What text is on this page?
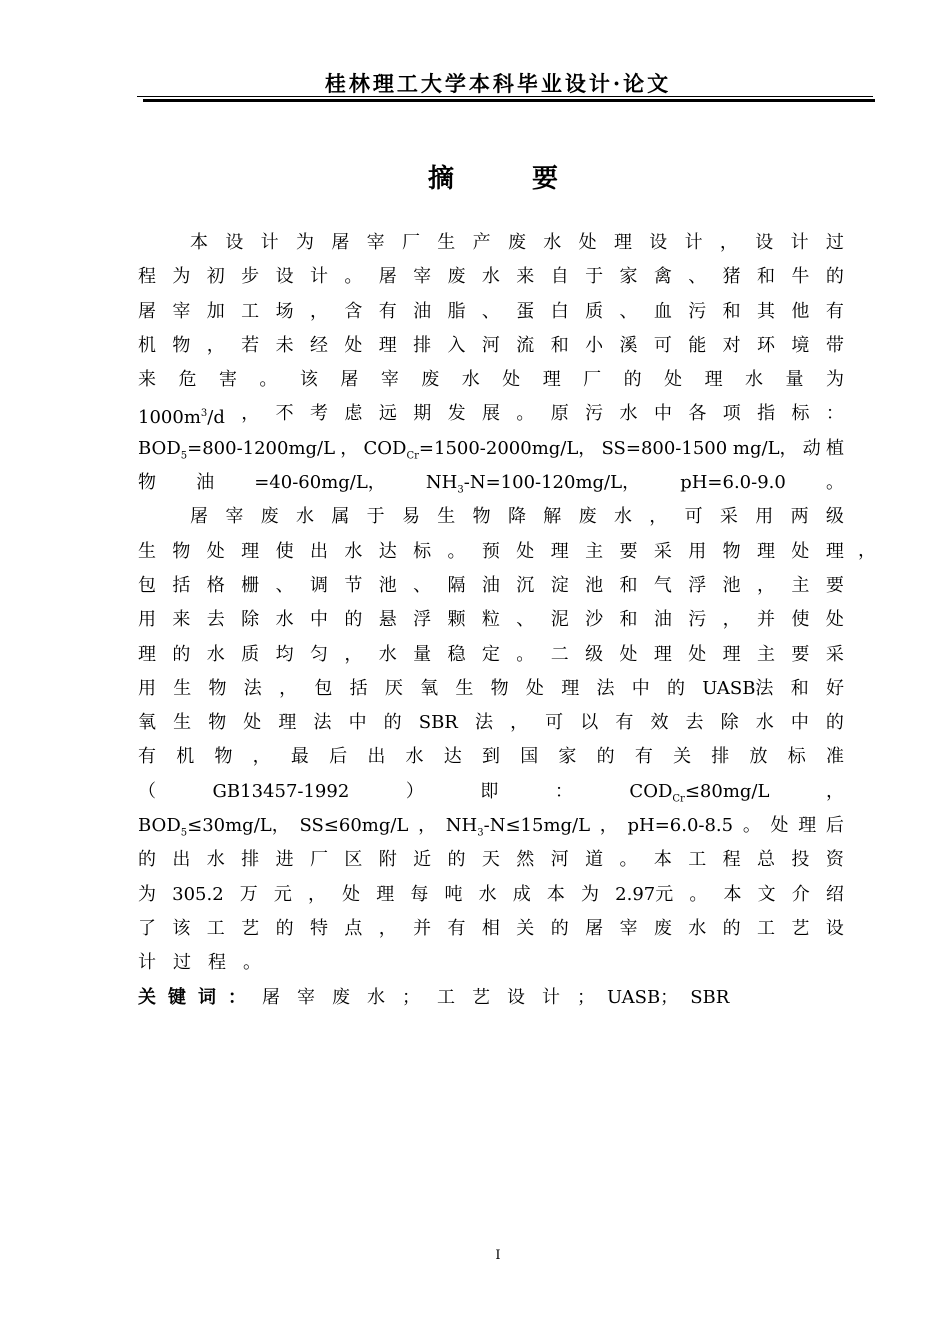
桂林理工大学本科毕业设计·论文
摘	要
本 设 计 为 屠 宰 厂 生 产 废 水 处 理 设 计 ， 设 计 过
程 为 初 步 设 计 。 屠 宰 废 水 来 自 于 家 禽 、 猪 和 牛 的
屠 宰 加 工 场 ， 含 有 油 脂 、 蛋 白 质 、 血 污 和 其 他 有
机 物 ， 若 未 经 处 理 排 入 河 流 和 小 溪 可 能 对 环 境 带
来 危 害 。 该 屠 宰 废 水 处 理 厂 的 处 理 水 量 为
$1000m^3/d$ ， 不 考 虑 远 期 发 展 。 原 污 水 中 各 项 指 标 ：
$BOD_5=800-1200mg/L$ ， $COD_{Cr}=1500-2000mg/L$， SS=800-1500 mg/L， 动 植
物 油 =40-60mg/L， $NH_3-N=100-120mg/L$， pH=6.0-9.0 。
屠 宰 废 水 属 于 易 生 物 降 解 废 水 ， 可 采 用 两 级
生 物 处 理 使 出 水 达 标 。 预 处 理 主 要 采 用 物 理 处 理
包 括 格 栅 、 调 节 池 、 隔 油 沉 淀 池 和 气 浮 池 ， 主 要
用 来 去 除 水 中 的 悬 浮 颗 粒 、 泥 沙 和 油 污 ， 并 使 处
理 的 水 质 均 匀 ， 水 量 稳 定 。 二 级 处 理 处 理 主 要 采
用 生 物 法 ， 包 括 厌 氧 生 物 处 理 法 中 的 UASB法 和 好
氧 生 物 处 理 法 中 的 SBR 法 ， 可 以 有 效 去 除 水 中 的
有 机 物 ， 最 后 出 水 达 到 国 家 的 有 关 排 放 标 准
（	GB13457-1992	）	即	：	$COD_{Cr}\le 80mg/L$	，
$BOD_5\le 30mg/L$， SS≤60mg/L ， $NH_3-N\le 15mg/L$ ， pH=6.0-8.5 。 处 理 后
的 出 水 排 进 厂 区 附 近 的 天 然 河 道 。 本 工 程 总 投 资
为 305.2 万 元 ， 处 理 每 吨 水 成 本 为 2.97元 。 本 文 介 绍
了 该 工 艺 的 特 点 ， 并 有 相 关 的 屠 宰 废 水 的 工 艺 设
计 过 程 。
关键词： 屠 宰 废 水 ； 工 艺 设 计 ； UASB； SBR
，
I
